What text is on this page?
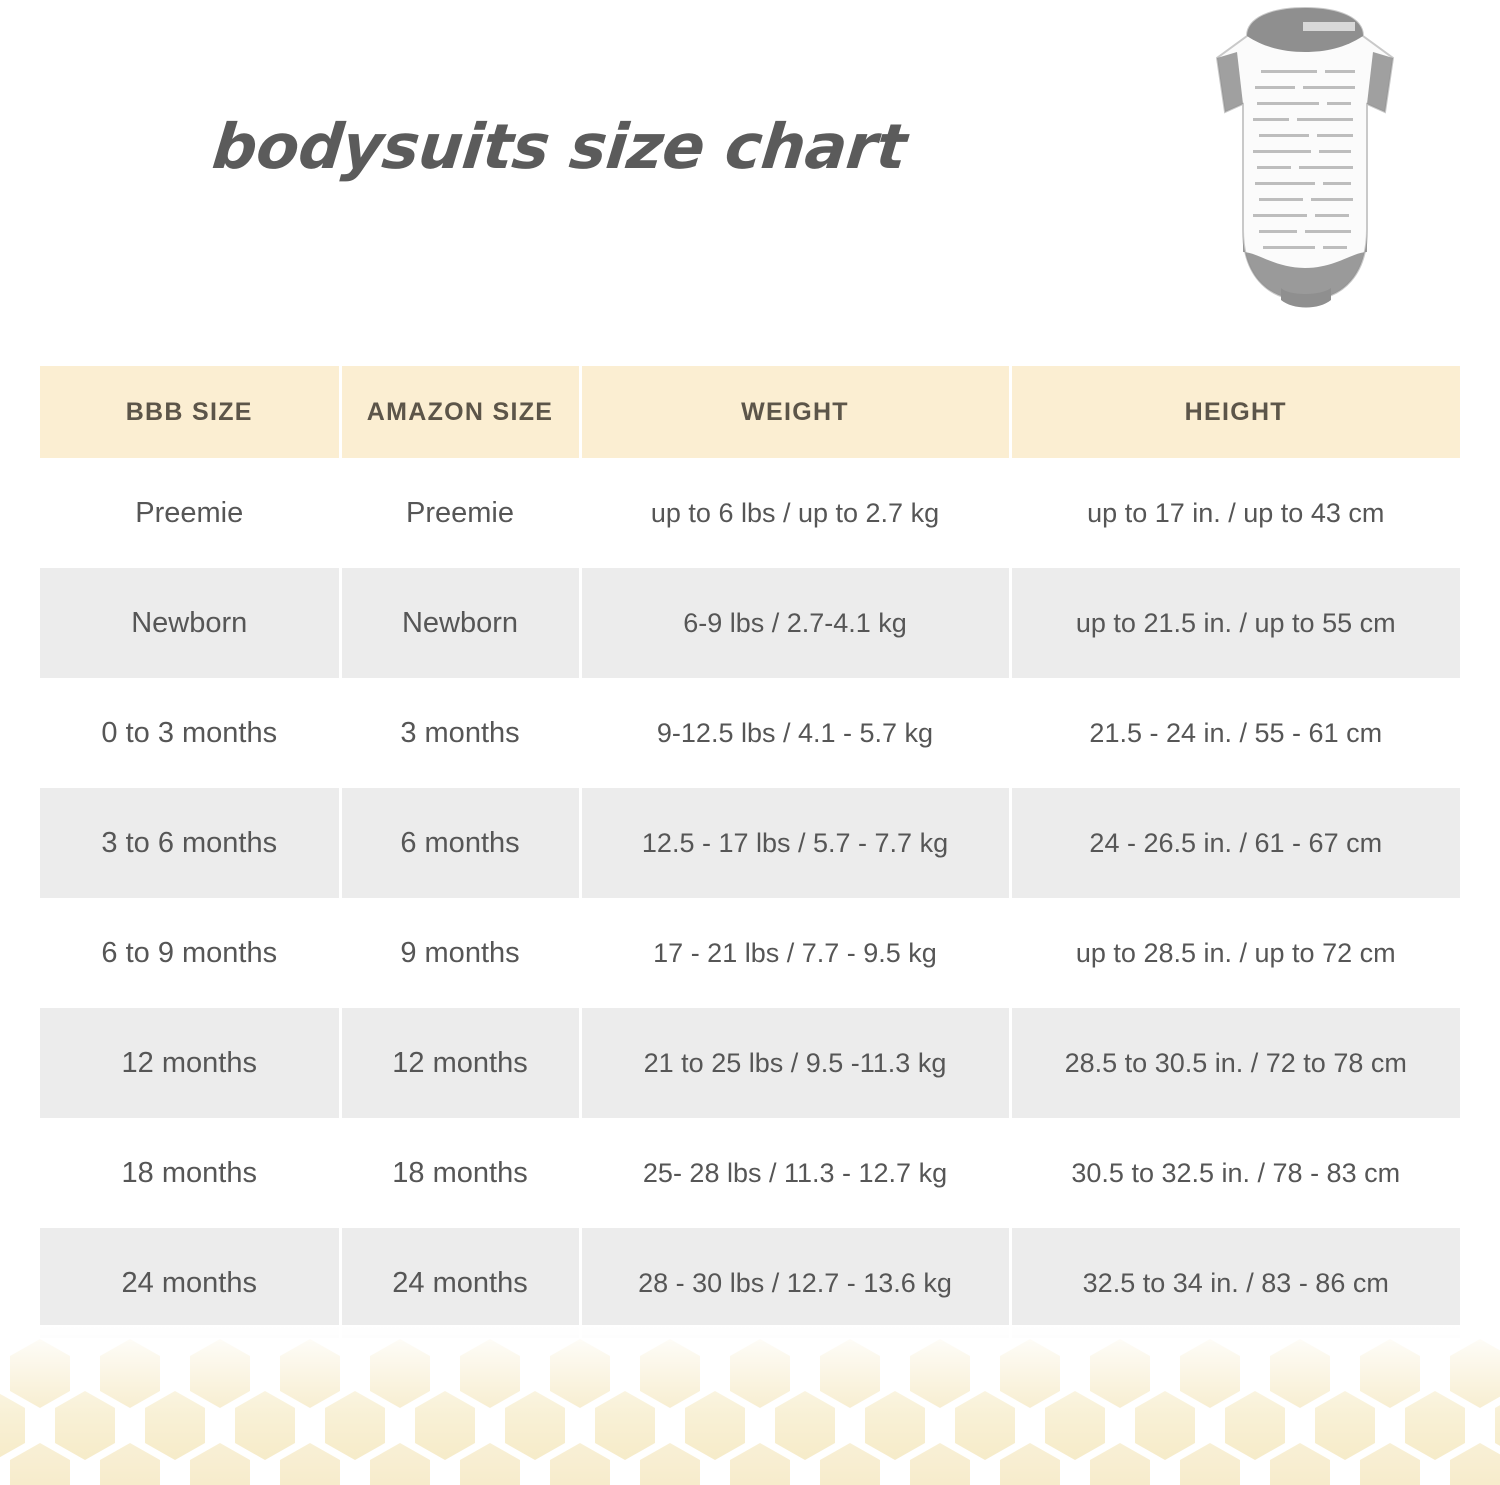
bodysuits size chart
BBB SIZE	AMAZON SIZE	WEIGHT	HEIGHT
Preemie	Preemie	up to 6 lbs / up to 2.7 kg	up to 17 in. / up to 43 cm
Newborn	Newborn	6-9 lbs / 2.7-4.1 kg	up to 21.5 in. / up to 55 cm
0 to 3 months	3 months	9-12.5 lbs / 4.1 - 5.7 kg	21.5 - 24 in. / 55 - 61 cm
3 to 6 months	6 months	12.5 - 17 lbs / 5.7 - 7.7 kg	24 - 26.5 in. / 61 - 67 cm
6 to 9 months	9 months	17 - 21 lbs / 7.7 - 9.5 kg	up to 28.5 in. / up to 72 cm
12 months	12 months	21 to 25 lbs / 9.5 -11.3 kg	28.5 to 30.5 in. / 72 to 78 cm
18 months	18 months	25- 28 lbs / 11.3 - 12.7 kg	30.5 to 32.5 in. / 78 - 83 cm
24 months	24 months	28 - 30 lbs / 12.7 - 13.6 kg	32.5 to 34 in. / 83 - 86 cm
